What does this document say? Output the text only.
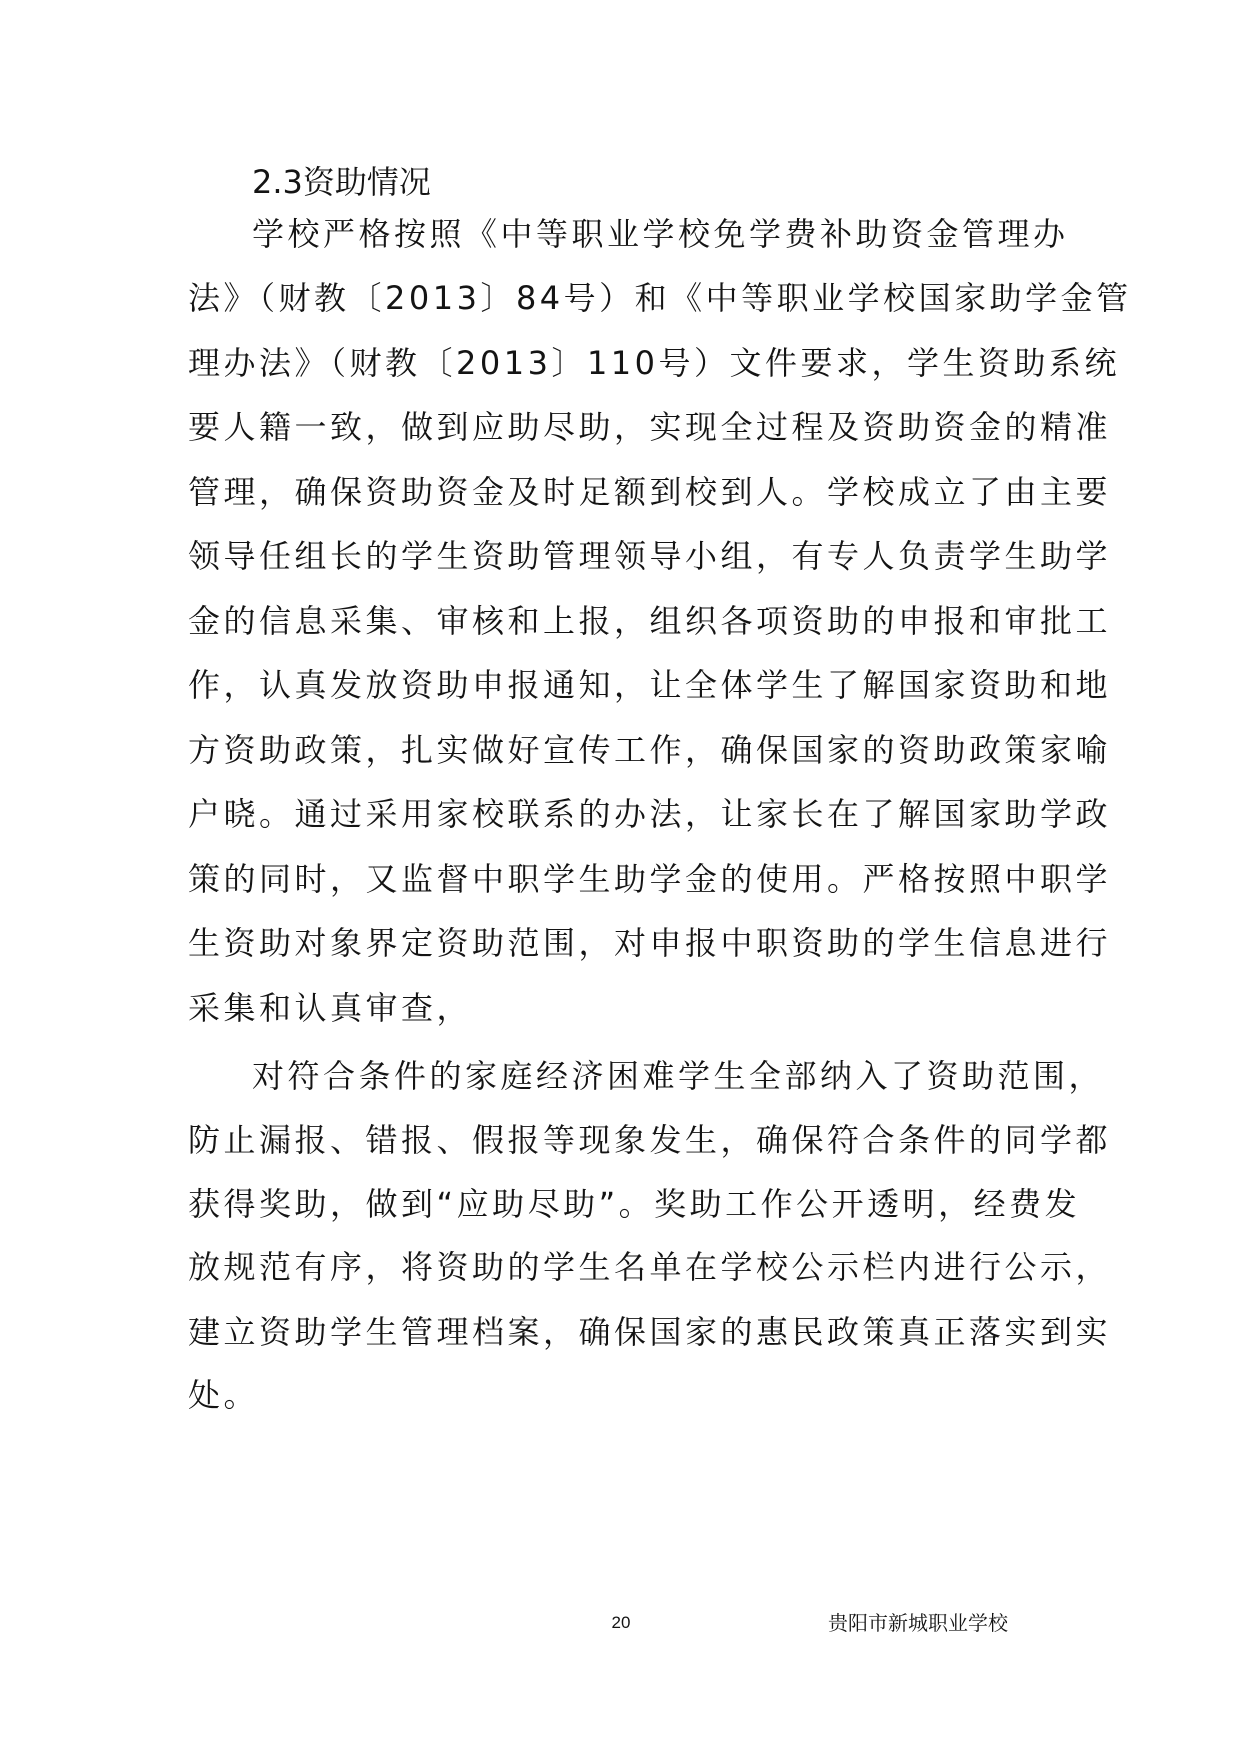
2.3资助情况
学校严格按照《中等职业学校免学费补助资金管理办
法》（财教〔2013〕84号）和《中等职业学校国家助学金管
理办法》（财教〔2013〕110号）文件要求，学生资助系统
要人籍一致，做到应助尽助，实现全过程及资助资金的精准
管理，确保资助资金及时足额到校到人。学校成立了由主要
领导任组长的学生资助管理领导小组，有专人负责学生助学
金的信息采集、审核和上报，组织各项资助的申报和审批工
作，认真发放资助申报通知，让全体学生了解国家资助和地
方资助政策，扎实做好宣传工作，确保国家的资助政策家喻
户晓。通过采用家校联系的办法，让家长在了解国家助学政
策的同时，又监督中职学生助学金的使用。严格按照中职学
生资助对象界定资助范围，对申报中职资助的学生信息进行
采集和认真审查，
对符合条件的家庭经济困难学生全部纳入了资助范围，
防止漏报、错报、假报等现象发生，确保符合条件的同学都
获得奖助，做到“应助尽助”。奖助工作公开透明，经费发
放规范有序，将资助的学生名单在学校公示栏内进行公示，
建立资助学生管理档案，确保国家的惠民政策真正落实到实
处。
20	贵阳市新城职业学校
